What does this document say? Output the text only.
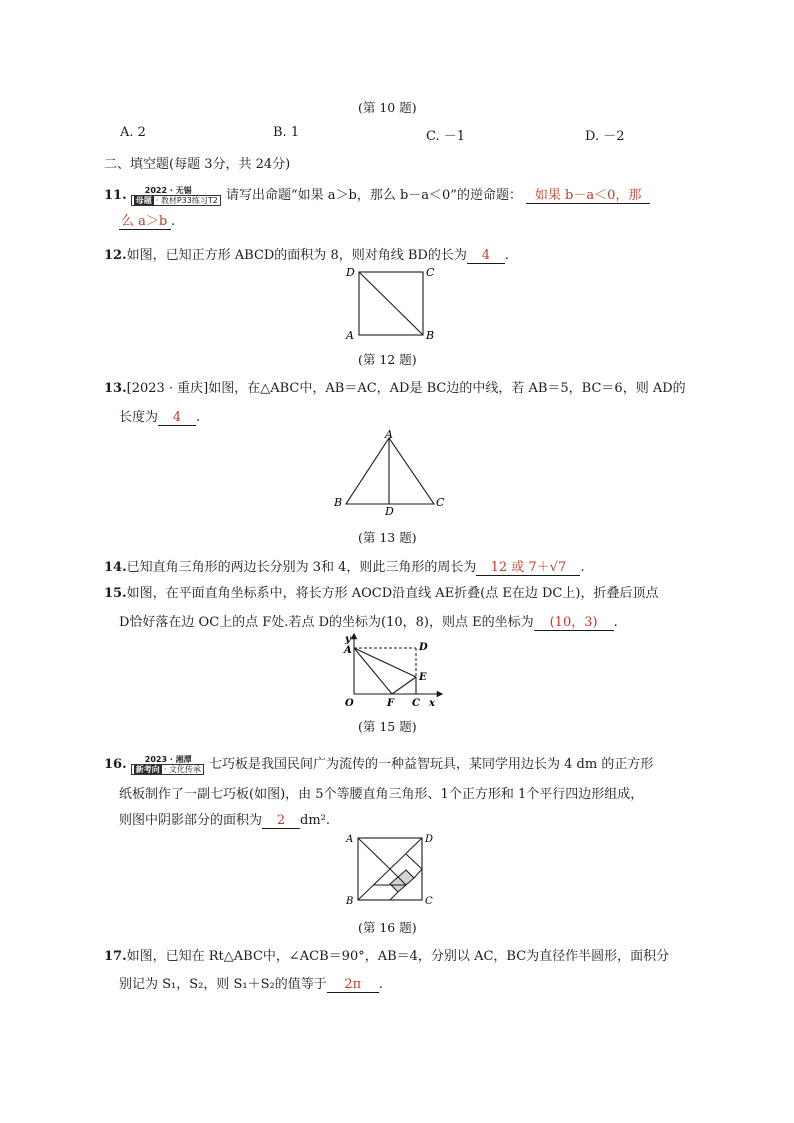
(第 10 题)
A. 2	B. 1	C. －1	D. －2
二、填空题(每题 3分，共 24分)
11.	2022 · 无锡
母题 · 教材P33练习T2 请写出命题“如果 a＞b，那么 b－a＜0”的逆命题： 如果 b－a＜0，那
么 a＞b .
12.如图，已知正方形 ABCD的面积为 8，则对角线 BD的长为 4 .
D	C
A	B
(第 12 题)
13.[2023 · 重庆]如图，在△ABC中，AB＝AC，AD是 BC边的中线，若 AB＝5，BC＝6，则 AD的
长度为 4 .
A
B	C
D
(第 13 题)
14.已知直角三角形的两边长分别为 3和 4，则此三角形的周长为 12 或 7＋√7 .
15.如图，在平面直角坐标系中，将长方形 AOCD沿直线 AE折叠(点 E在边 DC上)，折叠后顶点
D恰好落在边 OC上的点 F处.若点 D的坐标为(10，8)，则点 E的坐标为 (10，3) .
y
A	D
E
O	F C x
(第 15 题)
16.	2023 · 湘潭
新考向 · 文化传承 七巧板是我国民间广为流传的一种益智玩具，某同学用边长为 4 dm 的正方形
纸板制作了一副七巧板(如图)，由 5个等腰直角三角形、1个正方形和 1个平行四边形组成，
则图中阴影部分的面积为 2 dm².
A	D
B	C
(第 16 题)
17.如图，已知在 Rt△ABC中，∠ACB＝90°，AB＝4，分别以 AC，BC为直径作半圆形，面积分
别记为 S₁，S₂，则 S₁＋S₂的值等于 2π .
